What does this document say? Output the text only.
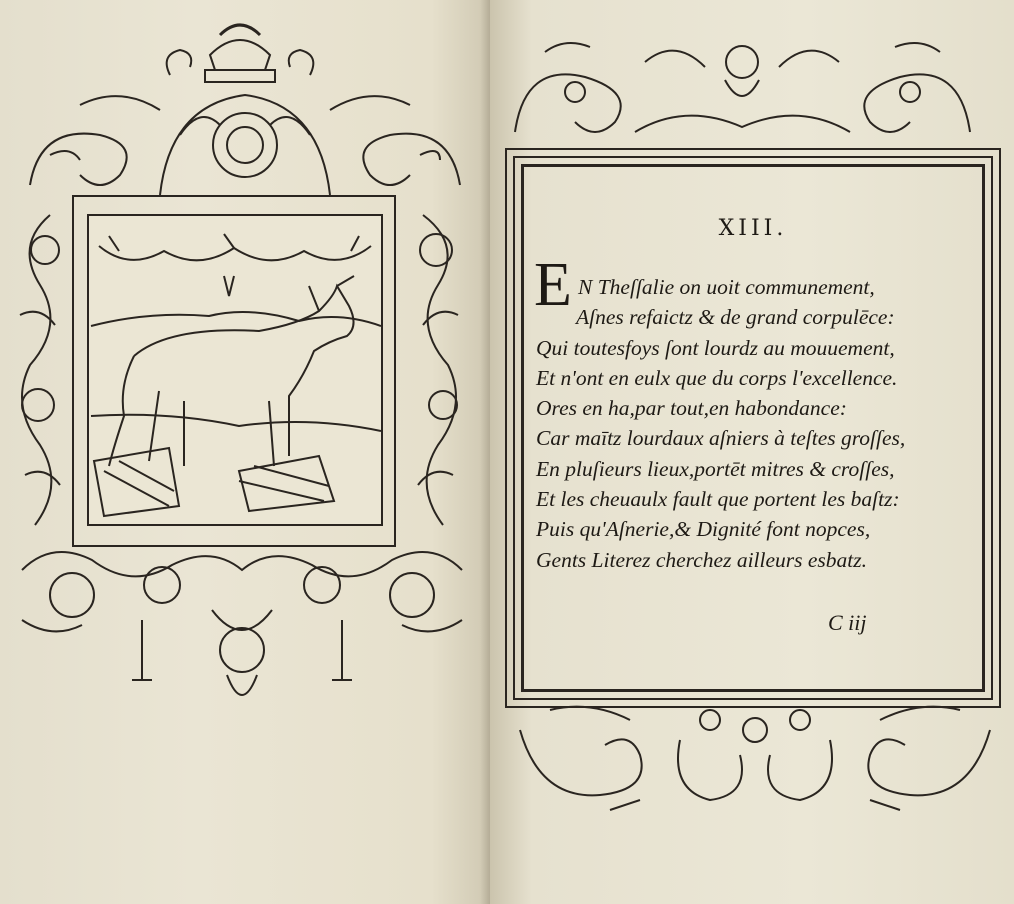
XIII.
E N Theſſalie on uoit communement,
Aſnes refaictz & de grand corpulēce:
Qui toutesfoys ſont lourdz au mouuement,
Et n'ont en eulx que du corps l'excellence.
Ores en ha,par tout,en habondance:
Car maītz lourdaux aſniers à teſtes groſſes,
En pluſieurs lieux,portēt mitres & croſſes,
Et les cheuaulx fault que portent les baſtz:
Puis qu'Aſnerie,& Dignité font nopces,
Gents Literez cherchez ailleurs esbatz.
C iij
